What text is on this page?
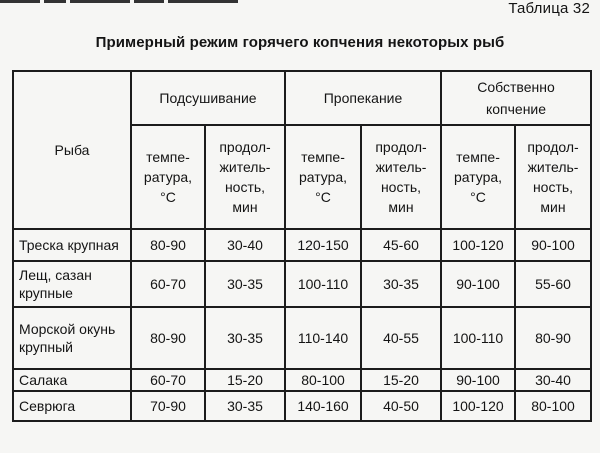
Таблица 32
Примерный режим горячего копчения некоторых рыб
Рыба	Подсушивание		Пропекание		Собственно копчение	
	темпе-ратура, °С	продол-житель-ность, мин	темпе-ратура, °С	продол-житель-ность, мин	темпе-ратура, °С	продол-житель-ность, мин
Треска крупная	80-90	30-40	120-150	45-60	100-120	90-100
Лещ, сазан крупные	60-70	30-35	100-110	30-35	90-100	55-60
Морской окунь крупный	80-90	30-35	110-140	40-55	100-110	80-90
Салака	60-70	15-20	80-100	15-20	90-100	30-40
Севрюга	70-90	30-35	140-160	40-50	100-120	80-100
